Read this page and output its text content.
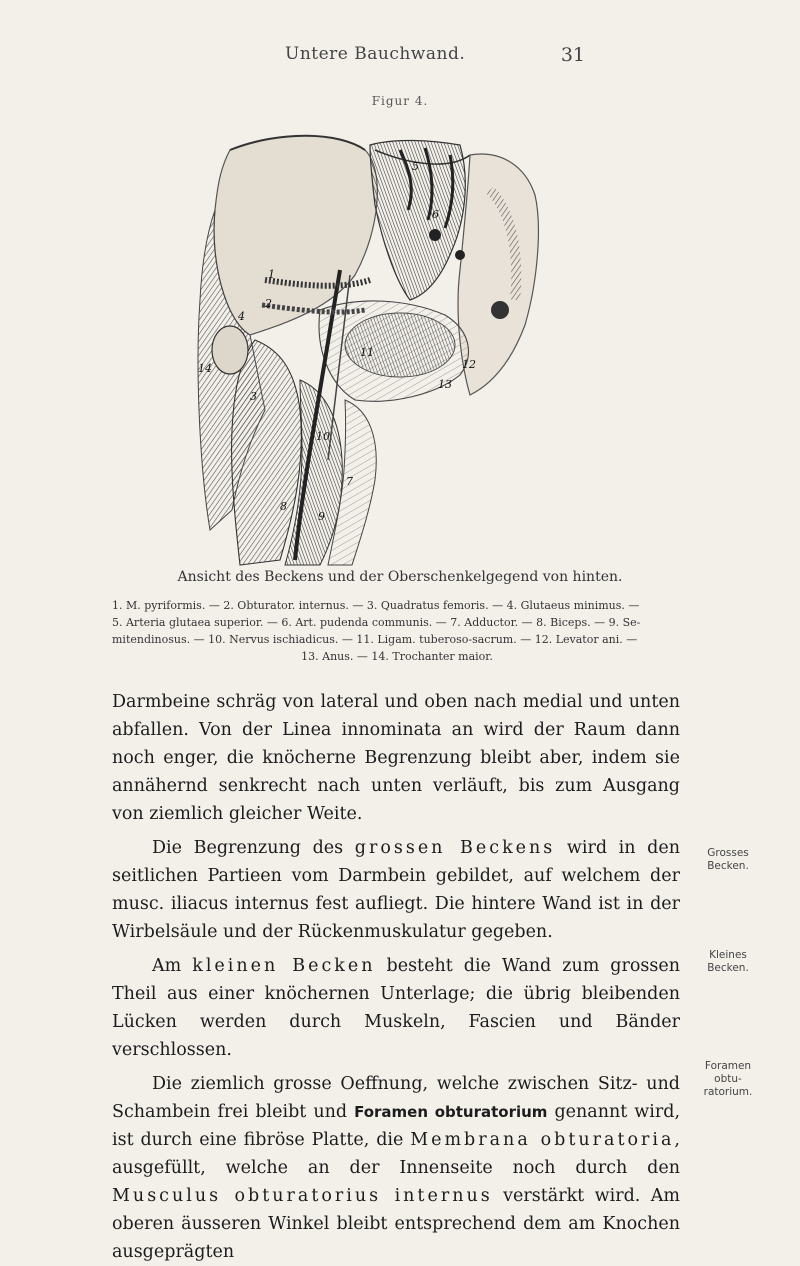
Untere Bauchwand.	31
Figur 4.
1
2
3
4
5
6
7
8
9
10
11
12
13
14
Ansicht des Beckens und der Oberschenkelgegend von hinten.
1. M. pyriformis. — 2. Obturator. internus. — 3. Quadratus femoris. — 4. Glutaeus minimus. —
5. Arteria glutaea superior. — 6. Art. pudenda communis. — 7. Adductor. — 8. Biceps. — 9. Se-
mitendinosus. — 10. Nervus ischiadicus. — 11. Ligam. tuberoso-sacrum. — 12. Levator ani. —
13. Anus. — 14. Trochanter maior.

Darmbeine schräg von lateral und oben nach medial und unten abfallen. Von der Linea innominata an wird der Raum dann noch enger, die knöcherne Begrenzung bleibt aber, indem sie annähernd senkrecht nach unten verläuft, bis zum Ausgang von ziemlich gleicher Weite.

Die Begrenzung des grossen Beckens wird in den seitlichen Partieen vom Darmbein gebildet, auf welchem der musc. iliacus internus fest aufliegt. Die hintere Wand ist in der Wirbelsäule und der Rückenmuskulatur gegeben.

Am kleinen Becken besteht die Wand zum grossen Theil aus einer knöchernen Unterlage; die übrig bleibenden Lücken werden durch Muskeln, Fascien und Bänder verschlossen.

Die ziemlich grosse Oeffnung, welche zwischen Sitz- und Schambein frei bleibt und Foramen obturatorium genannt wird, ist durch eine fibröse Platte, die Membrana obturatoria, ausgefüllt, welche an der Innenseite noch durch den Musculus obturatorius internus verstärkt wird. Am oberen äusseren Winkel bleibt entsprechend dem am Knochen ausgeprägten

Grosses
Becken.
Kleines
Becken.
Foramen
obtu-
ratorium.
